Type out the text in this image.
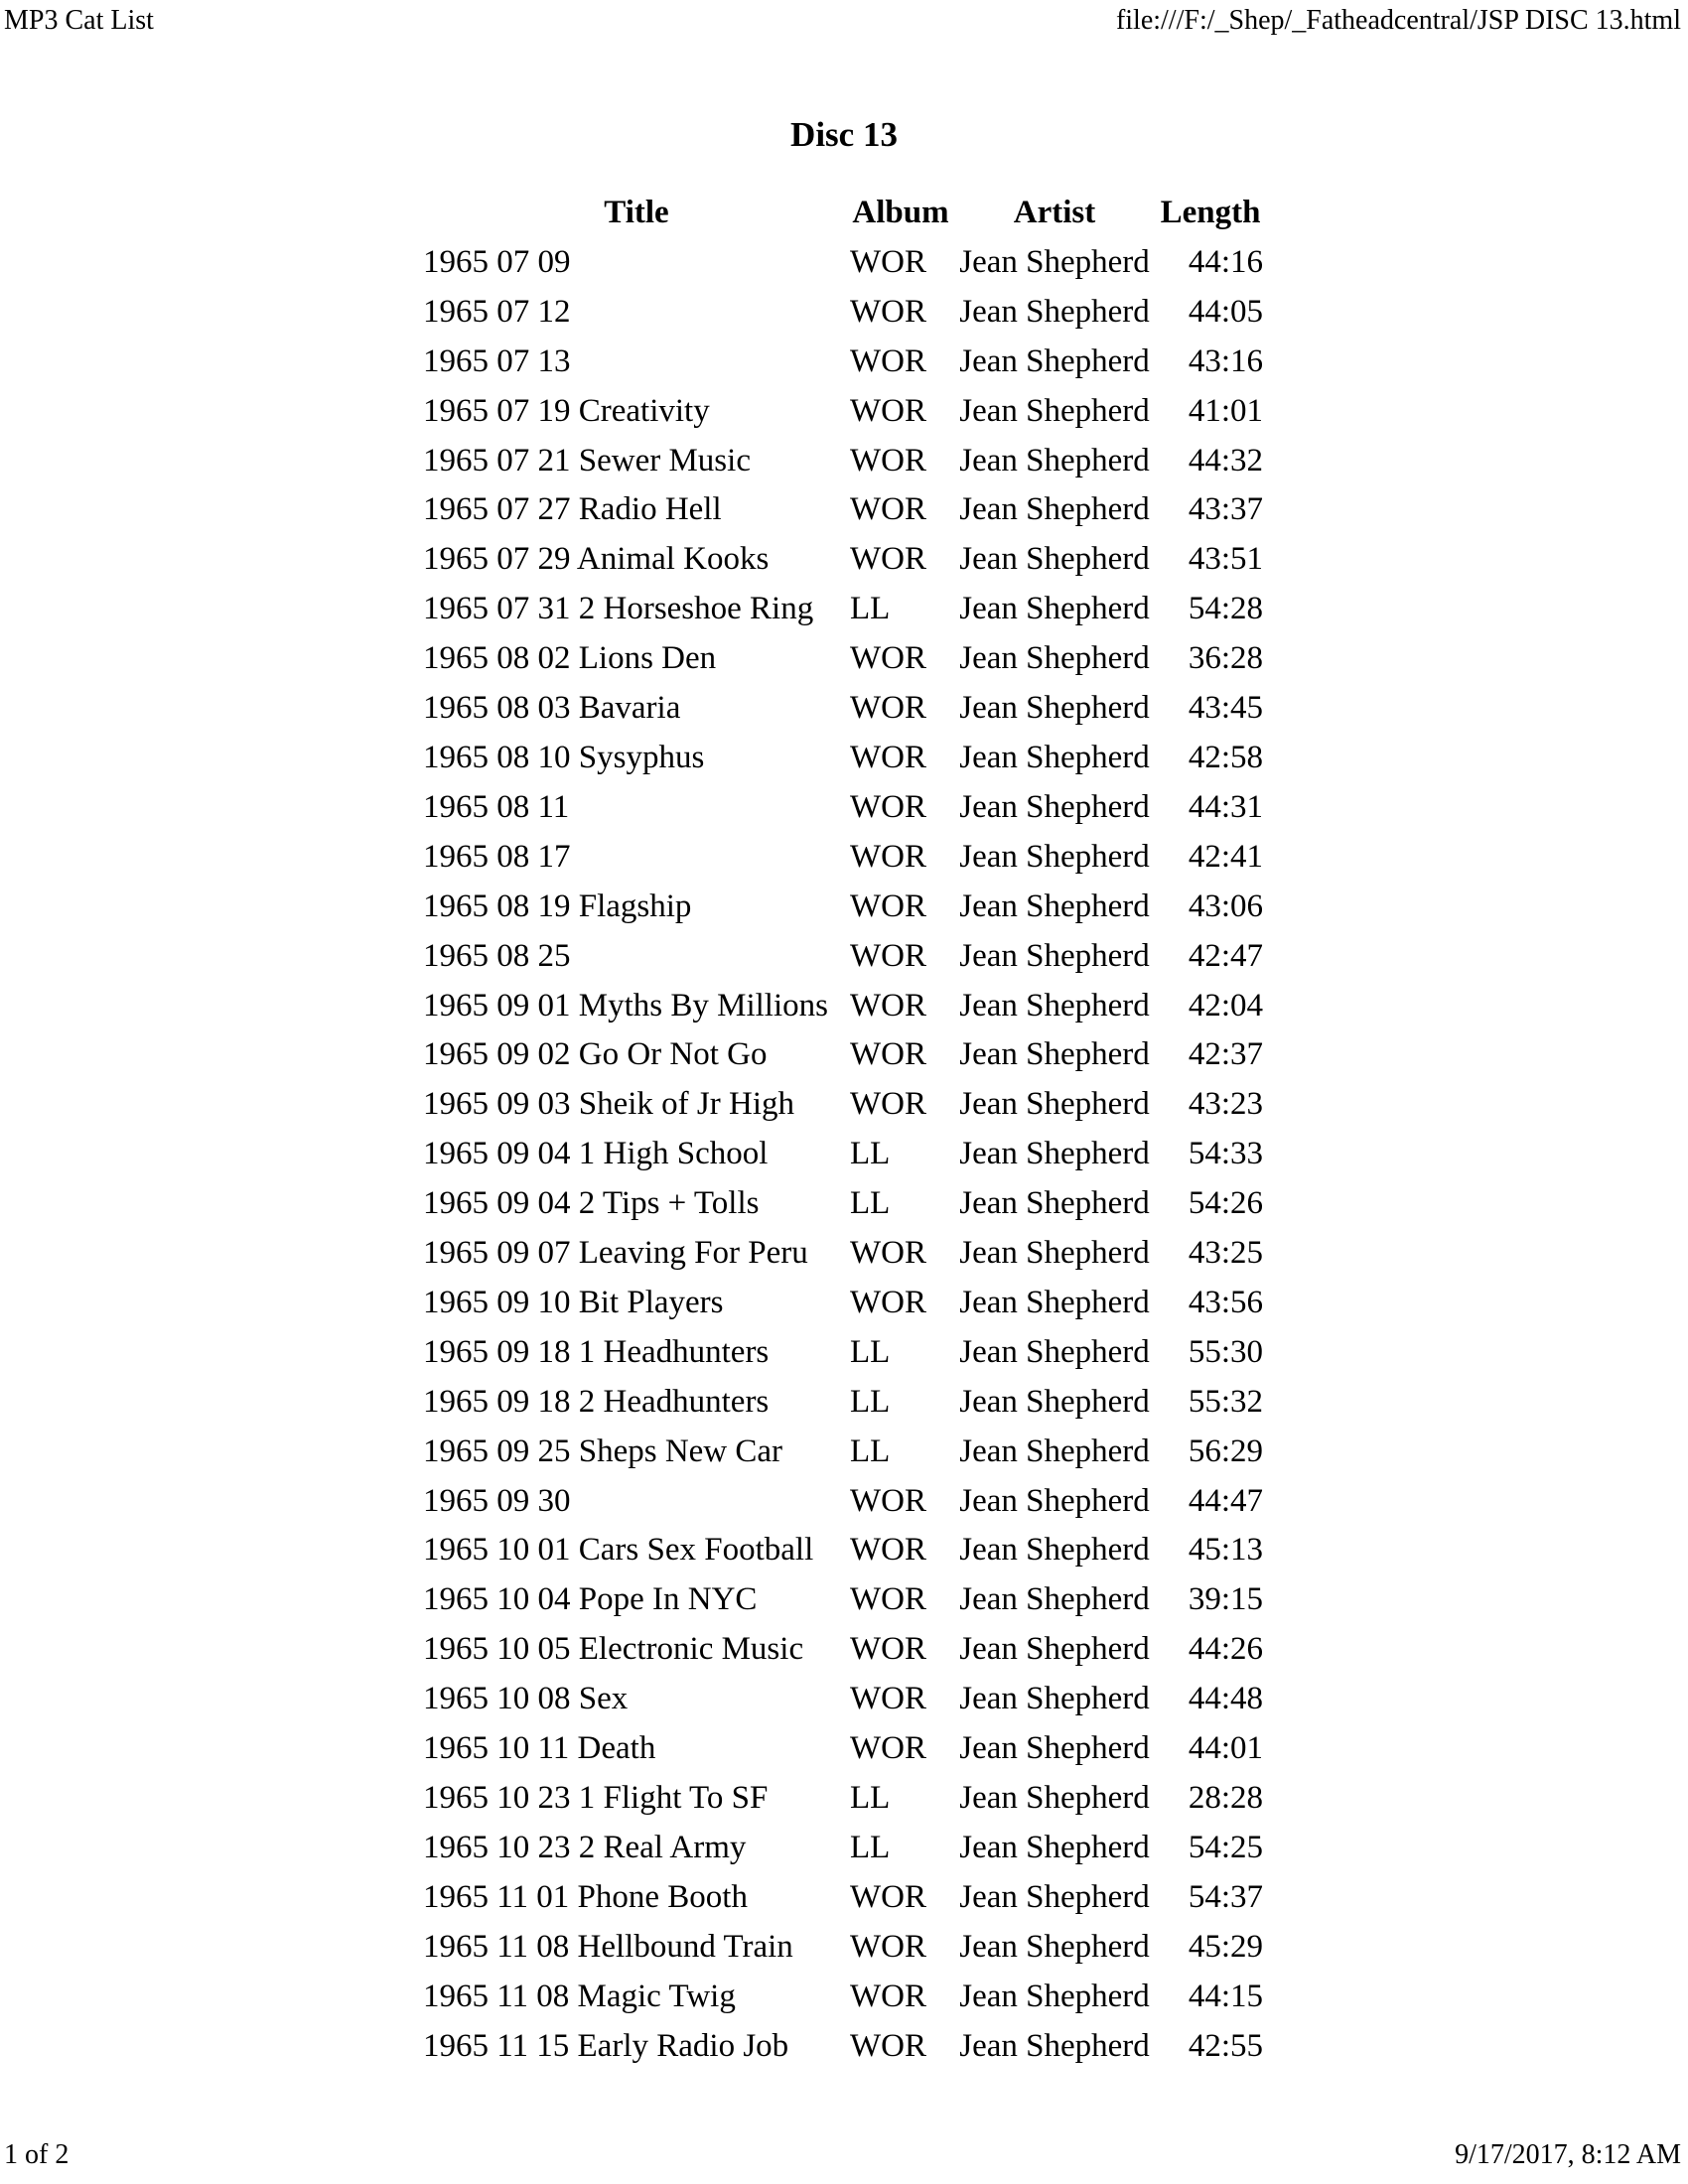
MP3 Cat List	file:///F:/_Shep/_Fatheadcentral/JSP DISC 13.html
Disc 13
Title	Album	Artist	Length
1965 07 09	WOR	Jean Shepherd	44:16
1965 07 12	WOR	Jean Shepherd	44:05
1965 07 13	WOR	Jean Shepherd	43:16
1965 07 19 Creativity	WOR	Jean Shepherd	41:01
1965 07 21 Sewer Music	WOR	Jean Shepherd	44:32
1965 07 27 Radio Hell	WOR	Jean Shepherd	43:37
1965 07 29 Animal Kooks	WOR	Jean Shepherd	43:51
1965 07 31 2 Horseshoe Ring	LL	Jean Shepherd	54:28
1965 08 02 Lions Den	WOR	Jean Shepherd	36:28
1965 08 03 Bavaria	WOR	Jean Shepherd	43:45
1965 08 10 Sysyphus	WOR	Jean Shepherd	42:58
1965 08 11	WOR	Jean Shepherd	44:31
1965 08 17	WOR	Jean Shepherd	42:41
1965 08 19 Flagship	WOR	Jean Shepherd	43:06
1965 08 25	WOR	Jean Shepherd	42:47
1965 09 01 Myths By Millions	WOR	Jean Shepherd	42:04
1965 09 02 Go Or Not Go	WOR	Jean Shepherd	42:37
1965 09 03 Sheik of Jr High	WOR	Jean Shepherd	43:23
1965 09 04 1 High School	LL	Jean Shepherd	54:33
1965 09 04 2 Tips + Tolls	LL	Jean Shepherd	54:26
1965 09 07 Leaving For Peru	WOR	Jean Shepherd	43:25
1965 09 10 Bit Players	WOR	Jean Shepherd	43:56
1965 09 18 1 Headhunters	LL	Jean Shepherd	55:30
1965 09 18 2 Headhunters	LL	Jean Shepherd	55:32
1965 09 25 Sheps New Car	LL	Jean Shepherd	56:29
1965 09 30	WOR	Jean Shepherd	44:47
1965 10 01 Cars Sex Football	WOR	Jean Shepherd	45:13
1965 10 04 Pope In NYC	WOR	Jean Shepherd	39:15
1965 10 05 Electronic Music	WOR	Jean Shepherd	44:26
1965 10 08 Sex	WOR	Jean Shepherd	44:48
1965 10 11 Death	WOR	Jean Shepherd	44:01
1965 10 23 1 Flight To SF	LL	Jean Shepherd	28:28
1965 10 23 2 Real Army	LL	Jean Shepherd	54:25
1965 11 01 Phone Booth	WOR	Jean Shepherd	54:37
1965 11 08 Hellbound Train	WOR	Jean Shepherd	45:29
1965 11 08 Magic Twig	WOR	Jean Shepherd	44:15
1965 11 15 Early Radio Job	WOR	Jean Shepherd	42:55
1 of 2	9/17/2017, 8:12 AM
